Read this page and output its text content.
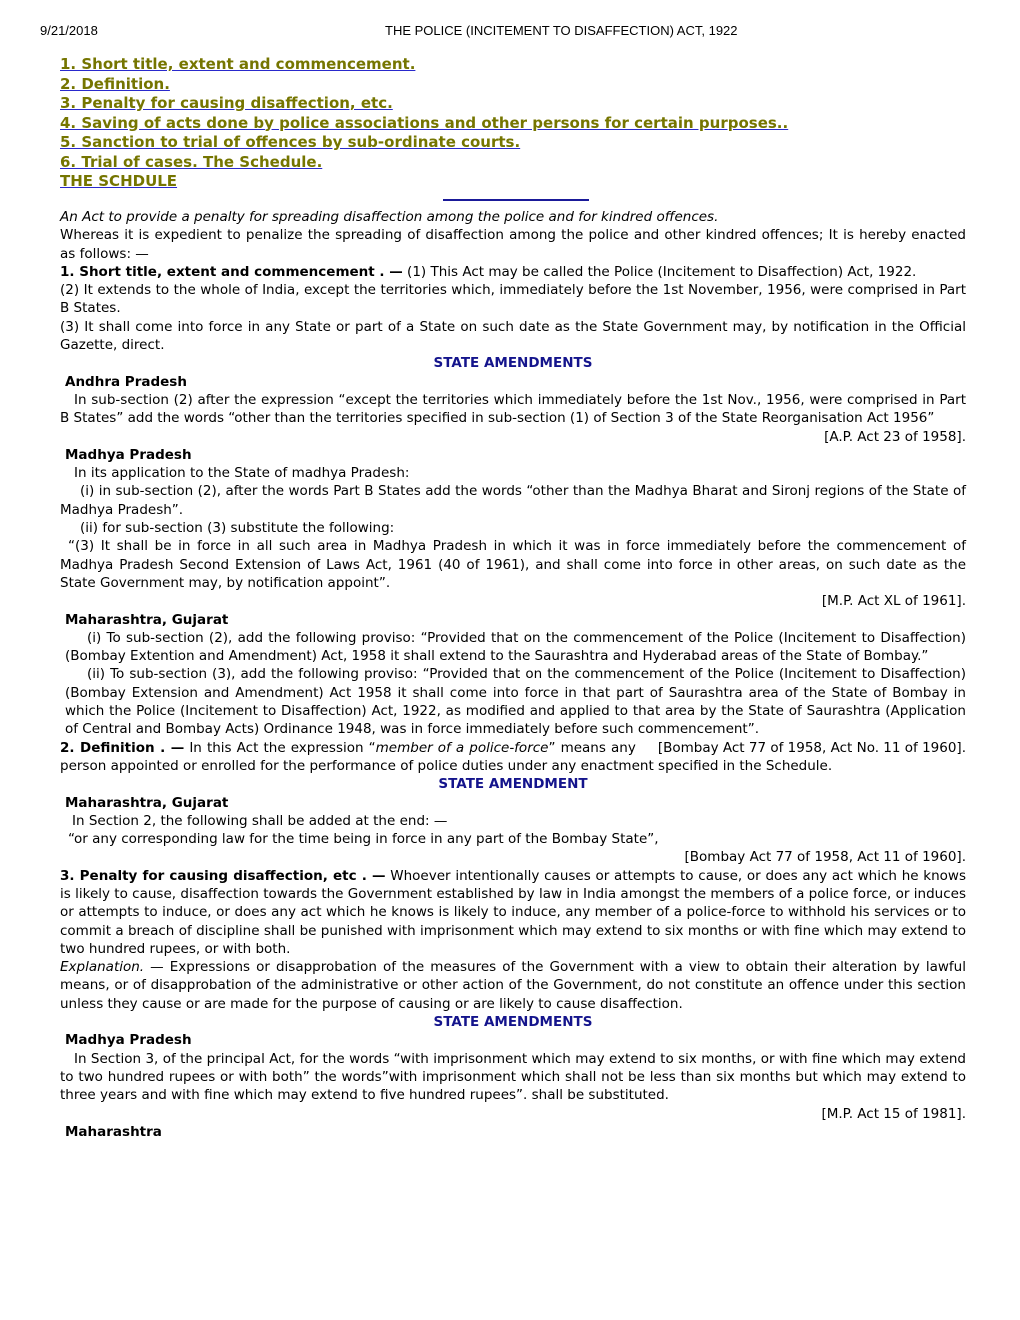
9/21/2018	THE POLICE (INCITEMENT TO DISAFFECTION) ACT, 1922
1. Short title, extent and commencement.
2. Definition.
3. Penalty for causing disaffection, etc.
4. Saving of acts done by police associations and other persons for certain purposes..
5. Sanction to trial of offences by sub-ordinate courts.
6. Trial of cases. The Schedule.
THE SCHDULE
An Act to provide a penalty for spreading disaffection among the police and for kindred offences.
Whereas it is expedient to penalize the spreading of disaffection among the police and other kindred offences; It is hereby enacted as follows: —
1. Short title, extent and commencement . — (1) This Act may be called the Police (Incitement to Disaffection) Act, 1922.
(2) It extends to the whole of India, except the territories which, immediately before the 1st November, 1956, were comprised in Part B States.
(3) It shall come into force in any State or part of a State on such date as the State Government may, by notification in the Official Gazette, direct.
STATE AMENDMENTS
Andhra Pradesh
In sub-section (2) after the expression “except the territories which immediately before the 1st Nov., 1956, were comprised in Part B States” add the words “other than the territories specified in sub-section (1) of Section 3 of the State Reorganisation Act 1956”
[A.P. Act 23 of 1958].
Madhya Pradesh
In its application to the State of madhya Pradesh:
(i) in sub-section (2), after the words Part B States add the words “other than the Madhya Bharat and Sironj regions of the State of Madhya Pradesh”.
(ii) for sub-section (3) substitute the following:
“(3) It shall be in force in all such area in Madhya Pradesh in which it was in force immediately before the commencement of Madhya Pradesh Second Extension of Laws Act, 1961 (40 of 1961), and shall come into force in other areas, on such date as the State Government may, by notification appoint”.
[M.P. Act XL of 1961].
Maharashtra, Gujarat
(i) To sub-section (2), add the following proviso: “Provided that on the commencement of the Police (Incitement to Disaffection) (Bombay Extention and Amendment) Act, 1958 it shall extend to the Saurashtra and Hyderabad areas of the State of Bombay.”
(ii) To sub-section (3), add the following proviso: “Provided that on the commencement of the Police (Incitement to Disaffection) (Bombay Extension and Amendment) Act 1958 it shall come into force in that part of Saurashtra area of the State of Bombay in which the Police (Incitement to Disaffection) Act, 1922, as modified and applied to that area by the State of Saurashtra (Application of Central and Bombay Acts) Ordinance 1948, was in force immediately before such commencement”.
[Bombay Act 77 of 1958, Act No. 11 of 1960].
2. Definition . — In this Act the expression “member of a police-force” means any person appointed or enrolled for the performance of police duties under any enactment specified in the Schedule.
STATE AMENDMENT
Maharashtra, Gujarat
In Section 2, the following shall be added at the end: —
“or any corresponding law for the time being in force in any part of the Bombay State”,
[Bombay Act 77 of 1958, Act 11 of 1960].
3. Penalty for causing disaffection, etc . — Whoever intentionally causes or attempts to cause, or does any act which he knows is likely to cause, disaffection towards the Government established by law in India amongst the members of a police force, or induces or attempts to induce, or does any act which he knows is likely to induce, any member of a police-force to withhold his services or to commit a breach of discipline shall be punished with imprisonment which may extend to six months or with fine which may extend to two hundred rupees, or with both.
Explanation. — Expressions or disapprobation of the measures of the Government with a view to obtain their alteration by lawful means, or of disapprobation of the administrative or other action of the Government, do not constitute an offence under this section unless they cause or are made for the purpose of causing or are likely to cause disaffection.
STATE AMENDMENTS
Madhya Pradesh
In Section 3, of the principal Act, for the words “with imprisonment which may extend to six months, or with fine which may extend to two hundred rupees or with both” the words”with imprisonment which shall not be less than six months but which may extend to three years and with fine which may extend to five hundred rupees”. shall be substituted.
[M.P. Act 15 of 1981].
Maharashtra
